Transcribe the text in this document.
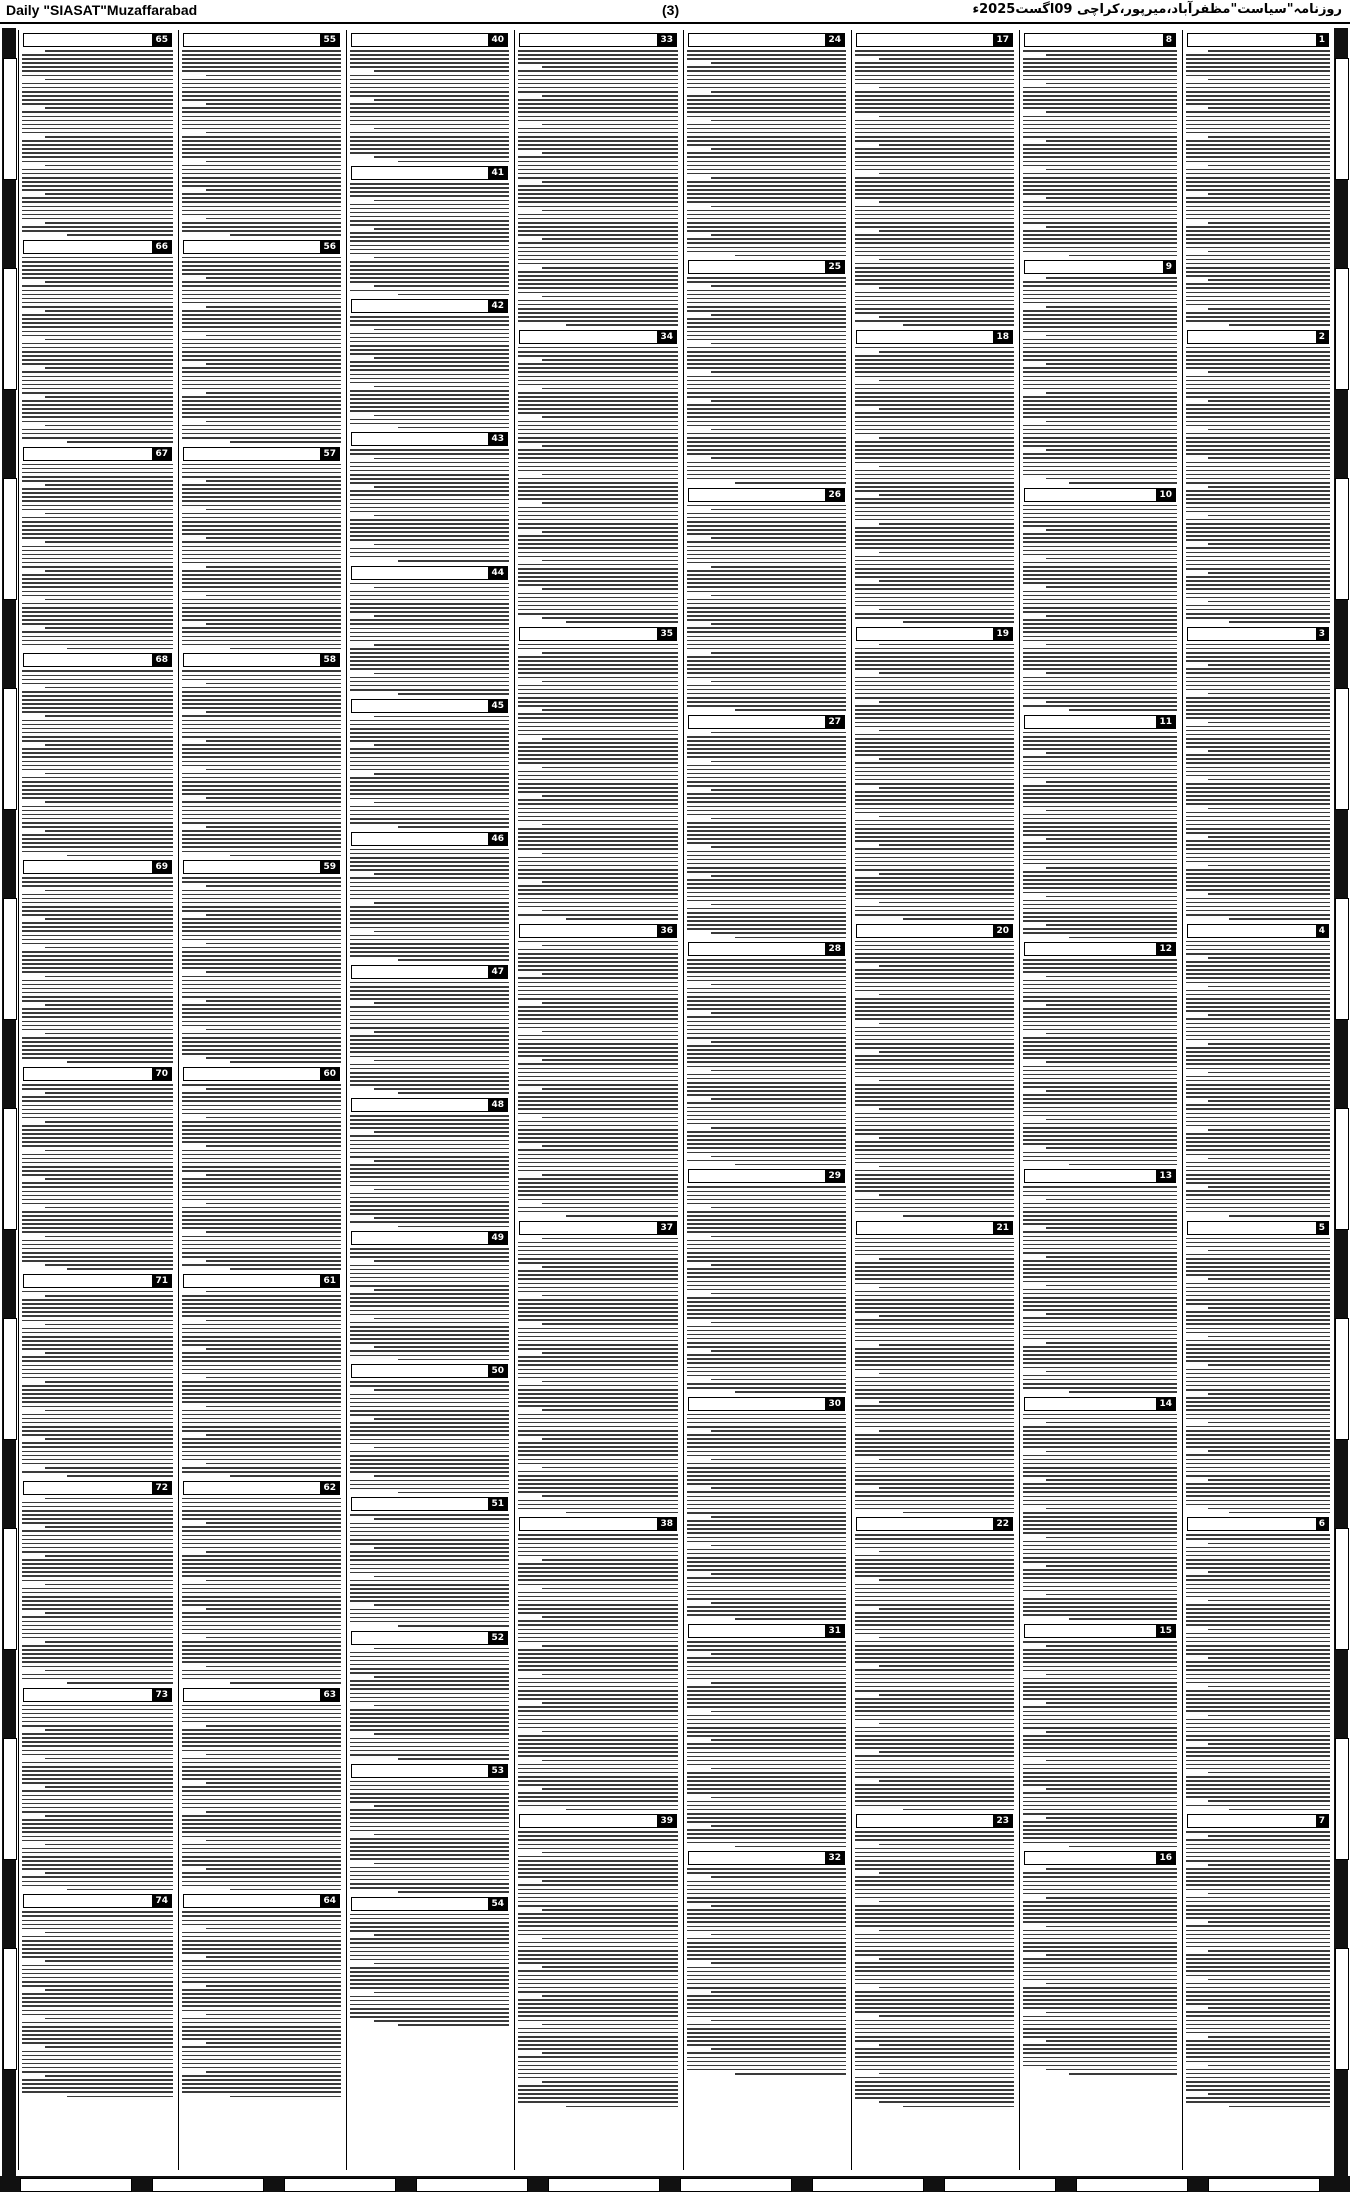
Daily "SIASAT"Muzaffarabad	(3)	روزنامہ"سیاست"مظفرآباد،میرپور،کراچی 09اگست2025ء
65
66
67
68
69
70
71
72
73
74
55
56
57
58
59
60
61
62
63
64
40
41
42
43
44
45
46
47
48
49
50
51
52
53
54
33
34
35
36
37
38
39
24
25
26
27
28
29
30
31
32
17
18
19
20
21
22
23
8
9
10
11
12
13
14
15
16
1
2
3
4
5
6
7
